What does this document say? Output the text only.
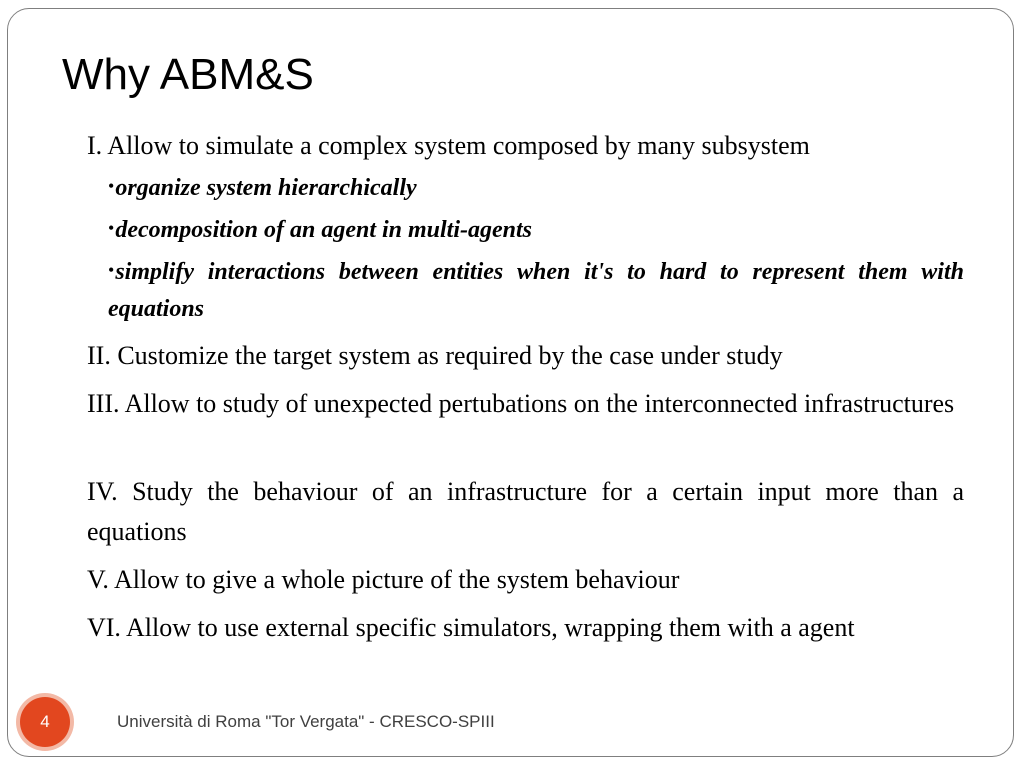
Why ABM&S
I. Allow to simulate a complex system composed by many subsystem
•organize system hierarchically
•decomposition of an agent in multi-agents
•simplify interactions between entities when it's to hard to represent them with equations
II. Customize the target system as required by the case under study
III. Allow to study of unexpected pertubations on the interconnected infrastructures
IV. Study the behaviour of an infrastructure for a certain input more than a equations
V. Allow to give a whole picture of the system behaviour
VI. Allow to use external specific simulators, wrapping them with a agent
4	Università di Roma "Tor Vergata" - CRESCO-SPIII
